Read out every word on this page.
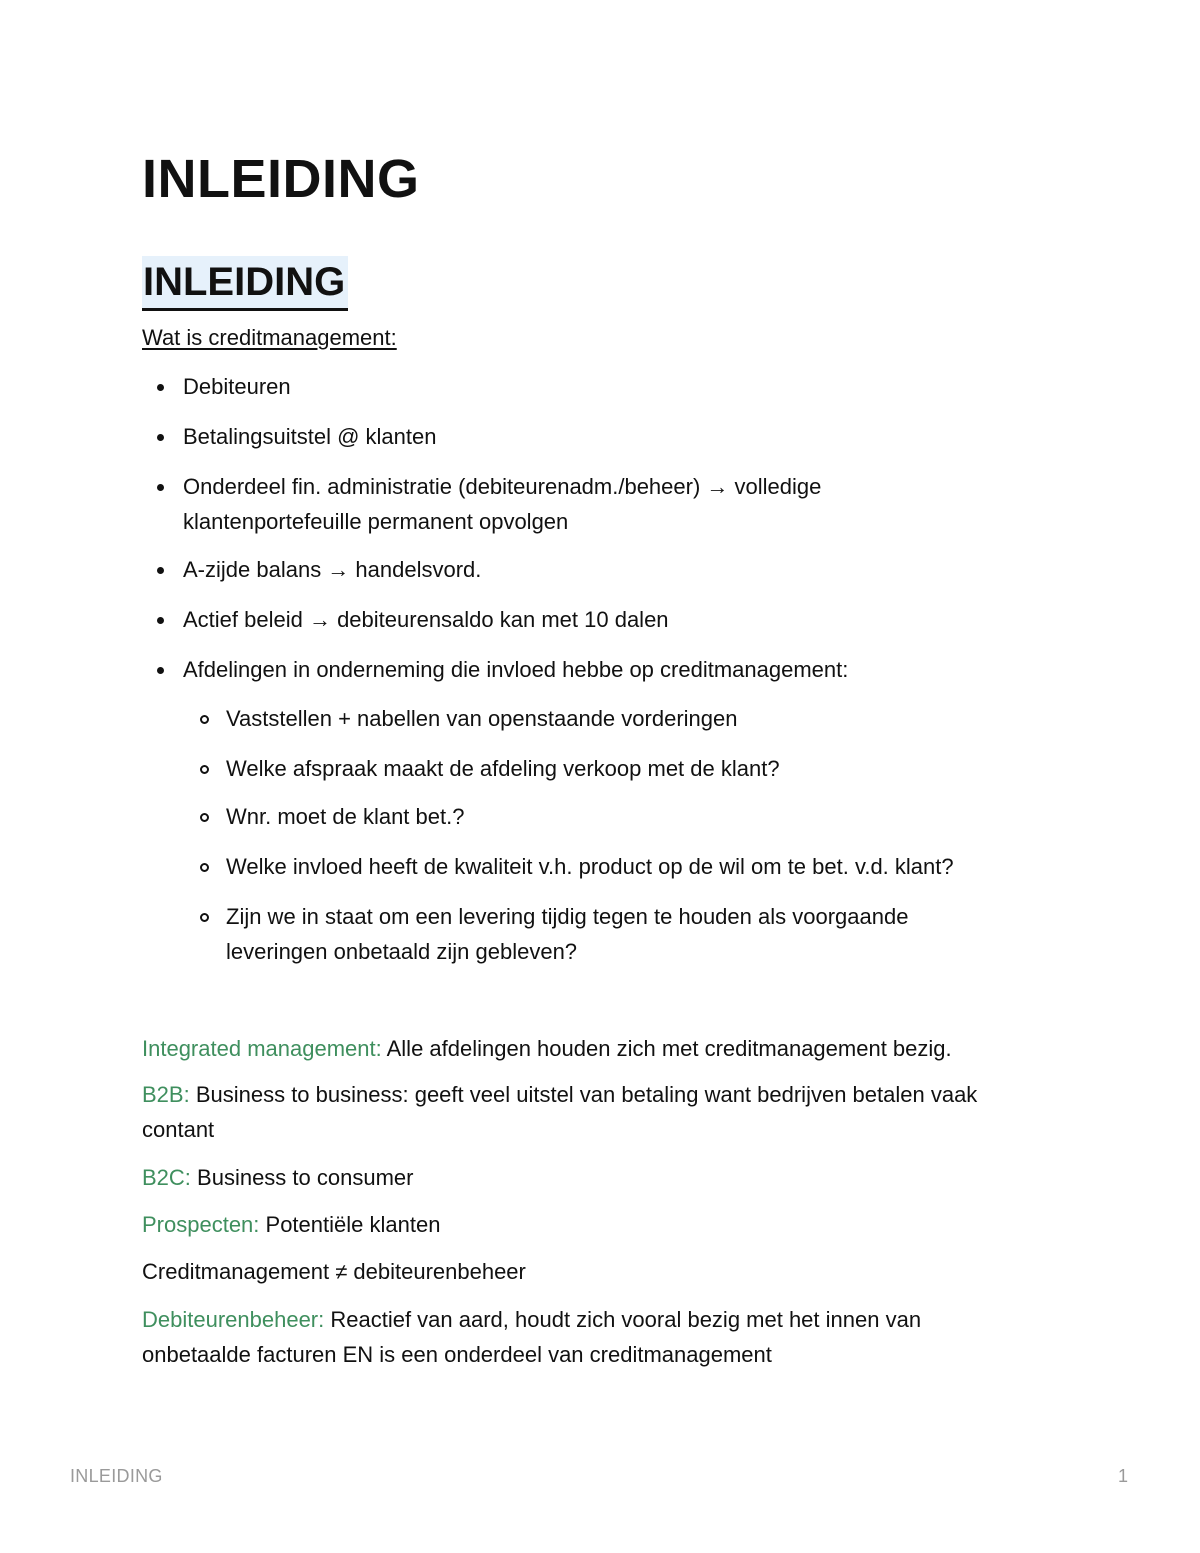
INLEIDING
INLEIDING
Wat is creditmanagement:
Debiteuren
Betalingsuitstel @ klanten
Onderdeel fin. administratie (debiteurenadm./beheer) → volledige klantenportefeuille permanent opvolgen
A-zijde balans → handelsvord.
Actief beleid → debiteurensaldo kan met 10 dalen
Afdelingen in onderneming die invloed hebbe op creditmanagement:
Vaststellen + nabellen van openstaande vorderingen
Welke afspraak maakt de afdeling verkoop met de klant?
Wnr. moet de klant bet.?
Welke invloed heeft de kwaliteit v.h. product op de wil om te bet. v.d. klant?
Zijn we in staat om een levering tijdig tegen te houden als voorgaande leveringen onbetaald zijn gebleven?

Integrated management: Alle afdelingen houden zich met creditmanagement bezig.

B2B: Business to business: geeft veel uitstel van betaling want bedrijven betalen vaak contant

B2C: Business to consumer

Prospecten: Potentiële klanten

Creditmanagement ≠ debiteurenbeheer

Debiteurenbeheer: Reactief van aard, houdt zich vooral bezig met het innen van onbetaalde facturen EN is een onderdeel van creditmanagement

INLEIDING	1
